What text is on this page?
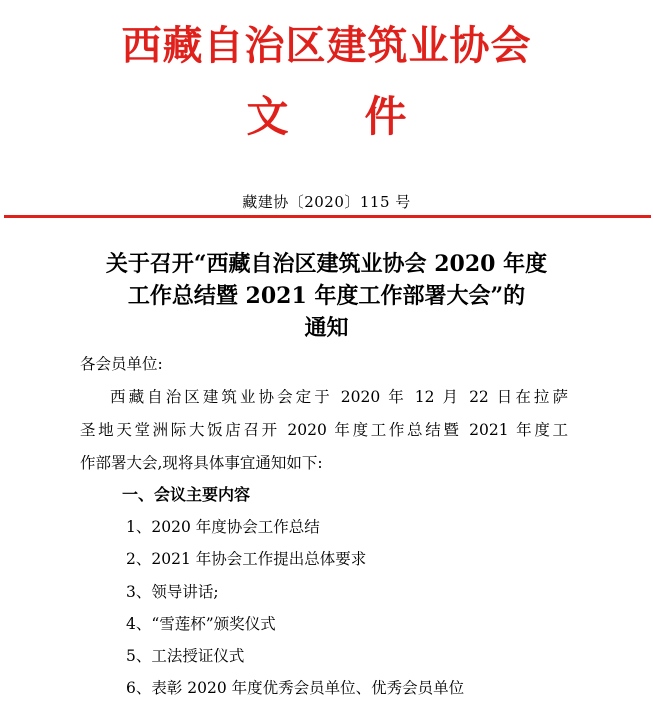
西藏自治区建筑业协会
文 件
藏建协〔2020〕115 号
关于召开“西藏自治区建筑业协会 2020 年度
工作总结暨 2021 年度工作部署大会”的
通知
各会员单位:
西藏自治区建筑业协会定于 2020 年 12 月 22 日在拉萨
圣地天堂洲际大饭店召开 2020 年度工作总结暨 2021 年度工
作部署大会,现将具体事宜通知如下:
一、会议主要内容
1、2020 年度协会工作总结
2、2021 年协会工作提出总体要求
3、领导讲话;
4、“雪莲杯”颁奖仪式
5、工法授证仪式
6、表彰 2020 年度优秀会员单位、优秀会员单位
